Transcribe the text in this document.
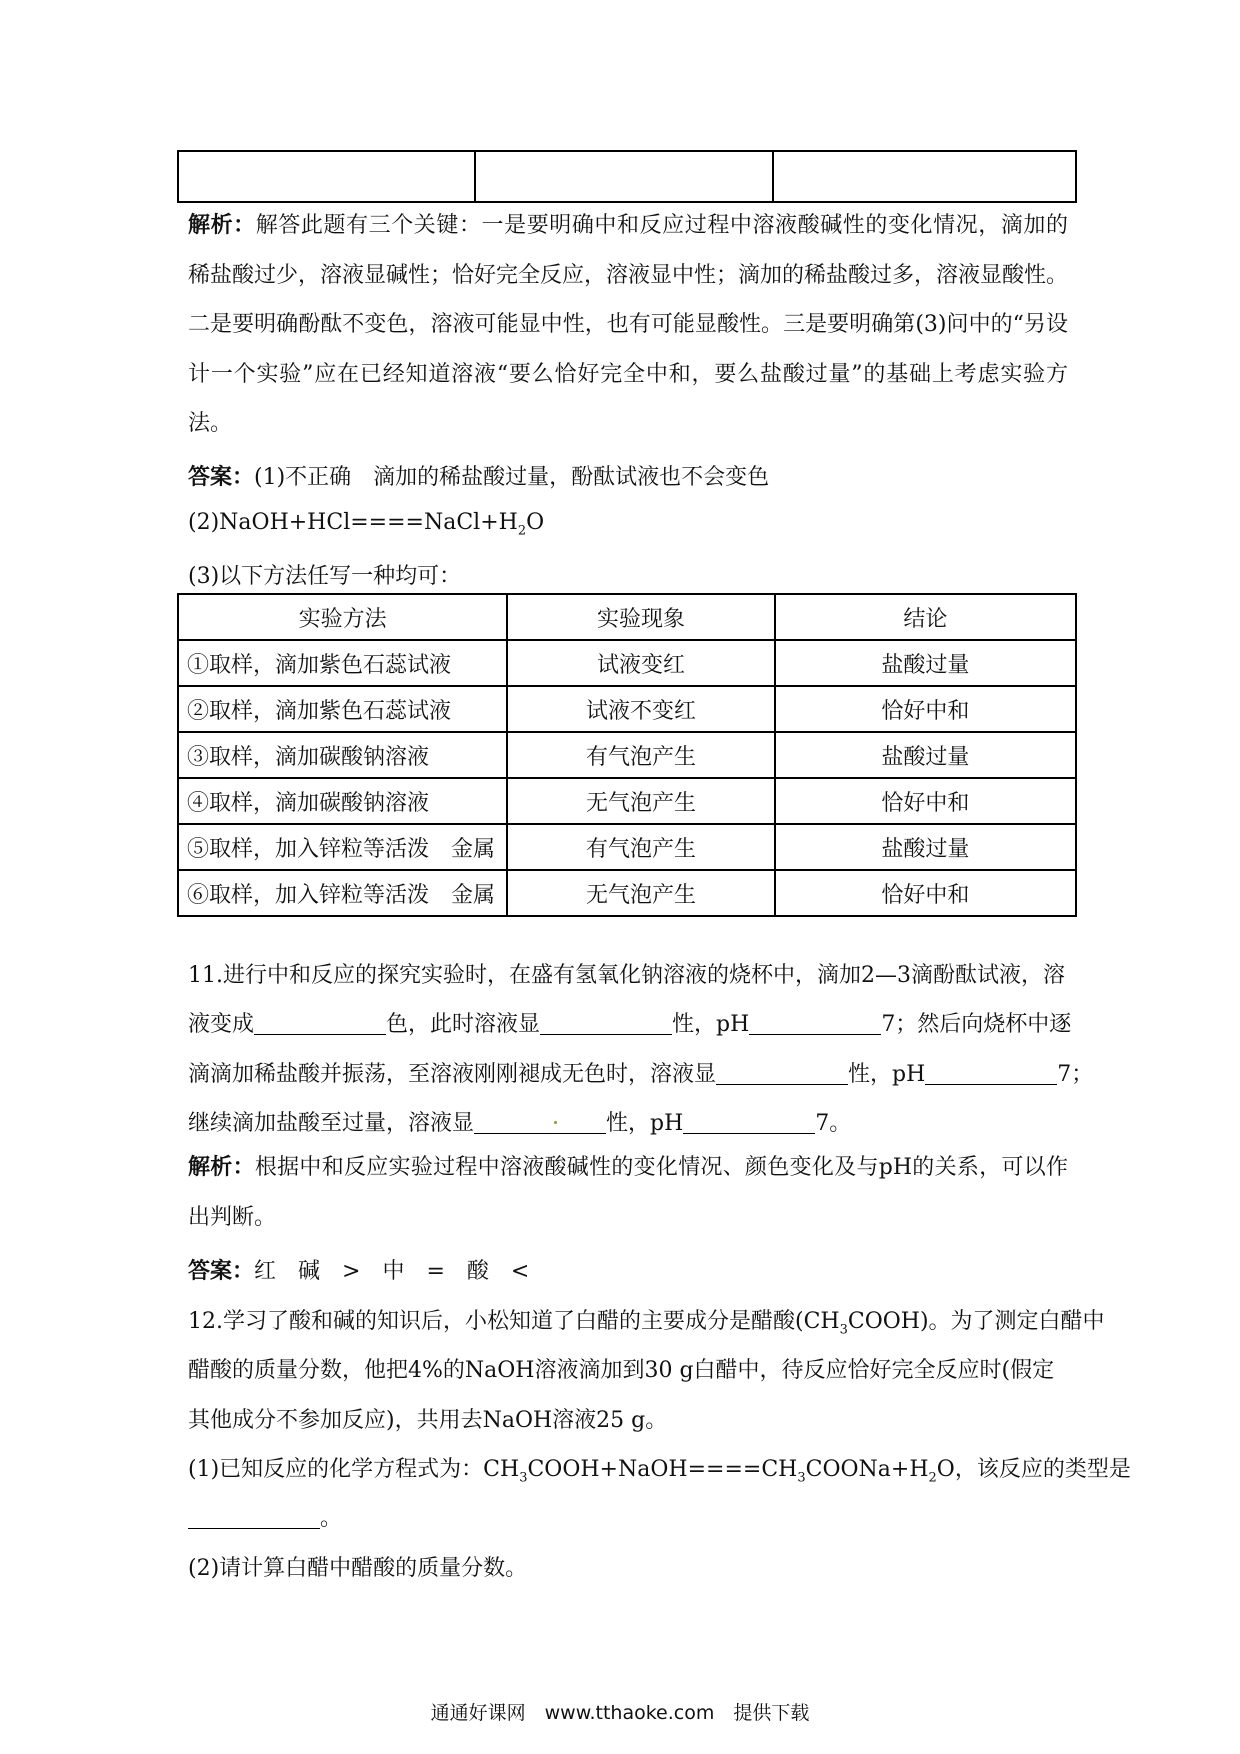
解析：解答此题有三个关键：一是要明确中和反应过程中溶液酸碱性的变化情况，滴加的稀盐酸过少，溶液显碱性；恰好完全反应，溶液显中性；滴加的稀盐酸过多，溶液显酸性。二是要明确酚酞不变色，溶液可能显中性，也有可能显酸性。三是要明确第(3)问中的“另设计一个实验”应在已经知道溶液“要么恰好完全中和，要么盐酸过量”的基础上考虑实验方法。
答案：(1)不正确　滴加的稀盐酸过量，酚酞试液也不会变色
$(2)NaOH+HCl====NaCl+H_2O$
(3)以下方法任写一种均可：
实验方法	实验现象	结论
①取样，滴加紫色石蕊试液	试液变红	盐酸过量
②取样，滴加紫色石蕊试液	试液不变红	恰好中和
③取样，滴加碳酸钠溶液	有气泡产生	盐酸过量
④取样，滴加碳酸钠溶液	无气泡产生	恰好中和
⑤取样，加入锌粒等活泼　金属	有气泡产生	盐酸过量
⑥取样，加入锌粒等活泼　金属	无气泡产生	恰好中和
11.进行中和反应的探究实验时，在盛有氢氧化钠溶液的烧杯中，滴加2—3滴酚酞试液，溶
液变成	色，此时溶液显	性，pH	7；然后向烧杯中逐
滴滴加稀盐酸并振荡，至溶液刚刚褪成无色时，溶液显	性，pH	7；
继续滴加盐酸至过量，溶液显	性，pH	7。
解析：根据中和反应实验过程中溶液酸碱性的变化情况、颜色变化及与pH的关系，可以作出判断。
答案：红　碱　>　中　=　酸　<
12.学习了酸和碱的知识后，小松知道了白醋的主要成分是醋酸$(CH_3COOH)$。为了测定白醋中
醋酸的质量分数，他把4%的NaOH溶液滴加到30 g白醋中，待反应恰好完全反应时(假定
其他成分不参加反应)，共用去NaOH溶液25 g。
(1)已知反应的化学方程式为：$CH_3COOH+NaOH====CH_3COONa+H_2O$，该反应的类型是
。
(2)请计算白醋中醋酸的质量分数。
通通好课网　www.tthaoke.com　提供下载
